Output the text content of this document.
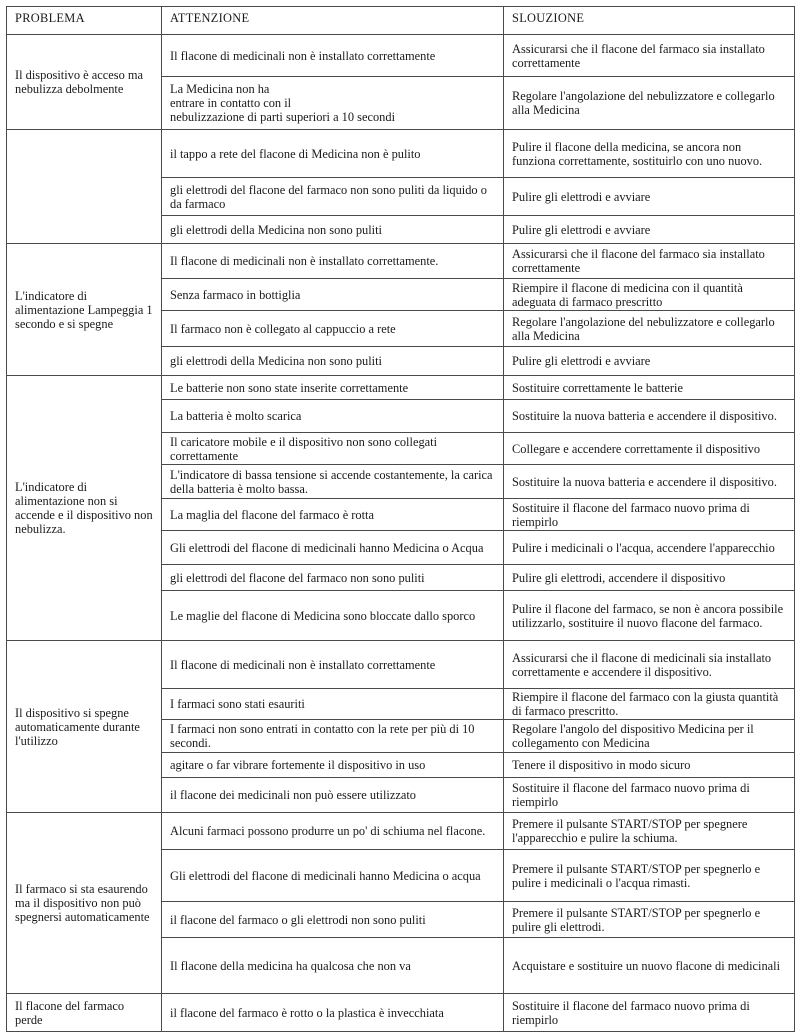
PROBLEMA	ATTENZIONE	SLOUZIONE
Il dispositivo è acceso ma nebulizza debolmente	Il flacone di medicinali non è installato correttamente	Assicurarsi che il flacone del farmaco sia installato correttamente
	La Medicina non ha
entrare in contatto con il
nebulizzazione di parti superiori a 10 secondi	Regolare l'angolazione del nebulizzatore e collegarlo alla Medicina
	il tappo a rete del flacone di Medicina non è pulito	Pulire il flacone della medicina, se ancora non funziona correttamente, sostituirlo con uno nuovo.
	gli elettrodi del flacone del farmaco non sono puliti da liquido o da farmaco	Pulire gli elettrodi e avviare
	gli elettrodi della Medicina non sono puliti	Pulire gli elettrodi e avviare
L'indicatore di alimentazione Lampeggia 1 secondo e si spegne	Il flacone di medicinali non è installato correttamente.	Assicurarsi che il flacone del farmaco sia installato correttamente
	Senza farmaco in bottiglia	Riempire il flacone di medicina con il quantità adeguata di farmaco prescritto
	Il farmaco non è collegato al cappuccio a rete	Regolare l'angolazione del nebulizzatore e collegarlo alla Medicina
	gli elettrodi della Medicina non sono puliti	Pulire gli elettrodi e avviare
L'indicatore di alimentazione non si accende e il dispositivo non nebulizza.	Le batterie non sono state inserite correttamente	Sostituire correttamente le batterie
	La batteria è molto scarica	Sostituire la nuova batteria e accendere il dispositivo.
	Il caricatore mobile e il dispositivo non sono collegati correttamente	Collegare e accendere correttamente il dispositivo
	L'indicatore di bassa tensione si accende costantemente, la carica della batteria è molto bassa.	Sostituire la nuova batteria e accendere il dispositivo.
	La maglia del flacone del farmaco è rotta	Sostituire il flacone del farmaco nuovo prima di riempirlo
	Gli elettrodi del flacone di medicinali hanno Medicina o Acqua	Pulire i medicinali o l'acqua, accendere l'apparecchio
	gli elettrodi del flacone del farmaco non sono puliti	Pulire gli elettrodi, accendere il dispositivo
	Le maglie del flacone di Medicina sono bloccate dallo sporco	Pulire il flacone del farmaco, se non è ancora possibile utilizzarlo, sostituire il nuovo flacone del farmaco.
Il dispositivo si spegne automaticamente durante l'utilizzo	Il flacone di medicinali non è installato correttamente	Assicurarsi che il flacone di medicinali sia installato correttamente e accendere il dispositivo.
	I farmaci sono stati esauriti	Riempire il flacone del farmaco con la giusta quantità di farmaco prescritto.
	I farmaci non sono entrati in contatto con la rete per più di 10 secondi.	Regolare l'angolo del dispositivo Medicina per il collegamento con Medicina
	agitare o far vibrare fortemente il dispositivo in uso	Tenere il dispositivo in modo sicuro
	il flacone dei medicinali non può essere utilizzato	Sostituire il flacone del farmaco nuovo prima di riempirlo
Il farmaco si sta esaurendo ma il dispositivo non può spegnersi automaticamente	Alcuni farmaci possono produrre un po' di schiuma nel flacone.	Premere il pulsante START/STOP per spegnere l'apparecchio e pulire la schiuma.
	Gli elettrodi del flacone di medicinali hanno Medicina o acqua	Premere il pulsante START/STOP per spegnerlo e pulire i medicinali o l'acqua rimasti.
	il flacone del farmaco o gli elettrodi non sono puliti	Premere il pulsante START/STOP per spegnerlo e pulire gli elettrodi.
	Il flacone della medicina ha qualcosa che non va	Acquistare e sostituire un nuovo flacone di medicinali
Il flacone del farmaco perde	il flacone del farmaco è rotto o la plastica è invecchiata	Sostituire il flacone del farmaco nuovo prima di riempirlo
